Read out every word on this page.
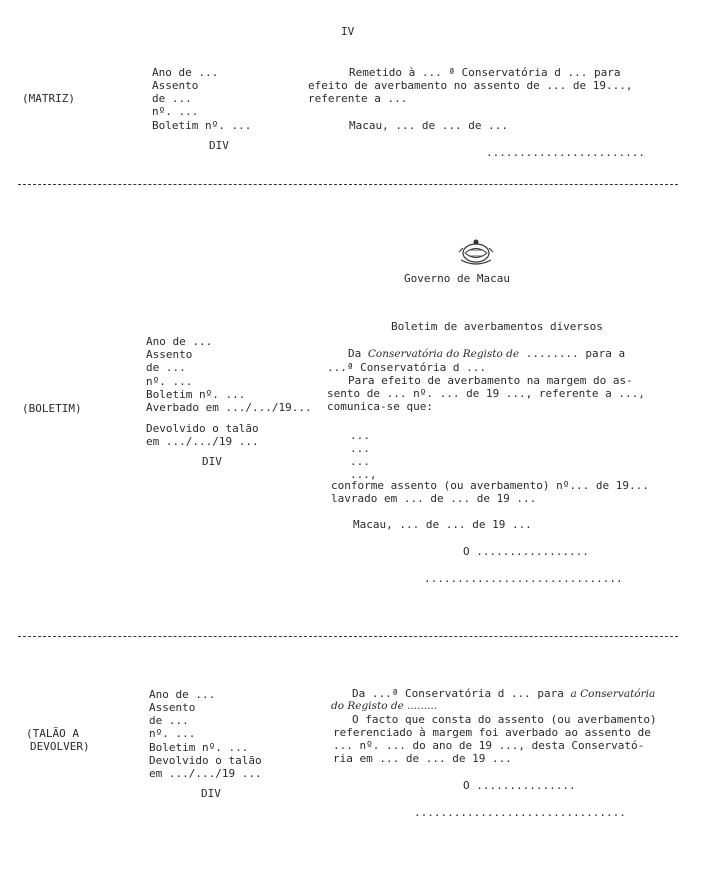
IV
(MATRIZ)
Ano de ...
Assento
de ...
nº. ...
Boletim nº. ...
DIV
Remetido à ... ª Conservatória d ... para
efeito de averbamento no assento de ... de 19...,
referente a ...
Macau, ... de ... de ...
........................
Governo de Macau
Boletim de averbamentos diversos
(BOLETIM)
Ano de ...
Assento
de ...
nº. ...
Boletim nº. ...
Averbado em .../.../19...
Devolvido o talão
em .../.../19 ...
DIV
Da Conservatória do Registo de ........ para a
...ª Conservatória d ...
Para efeito de averbamento na margem do as-
sento de ... nº. ... de 19 ..., referente a ...,
comunica-se que:
...
...
...
...,
conforme assento (ou averbamento) nº... de 19...
lavrado em ... de ... de 19 ...
Macau, ... de ... de 19 ...
O .................
..............................
(TALÃO A
DEVOLVER)
Ano de ...
Assento
de ...
nº. ...
Boletim nº. ...
Devolvido o talão
em .../.../19 ...
DIV
Da ...ª Conservatória d ... para a Conservatória
do Registo de .........
O facto que consta do assento (ou averbamento)
referenciado à margem foi averbado ao assento de
... nº. ... do ano de 19 ..., desta Conservató-
ria em ... de ... de 19 ...
O ...............
................................
